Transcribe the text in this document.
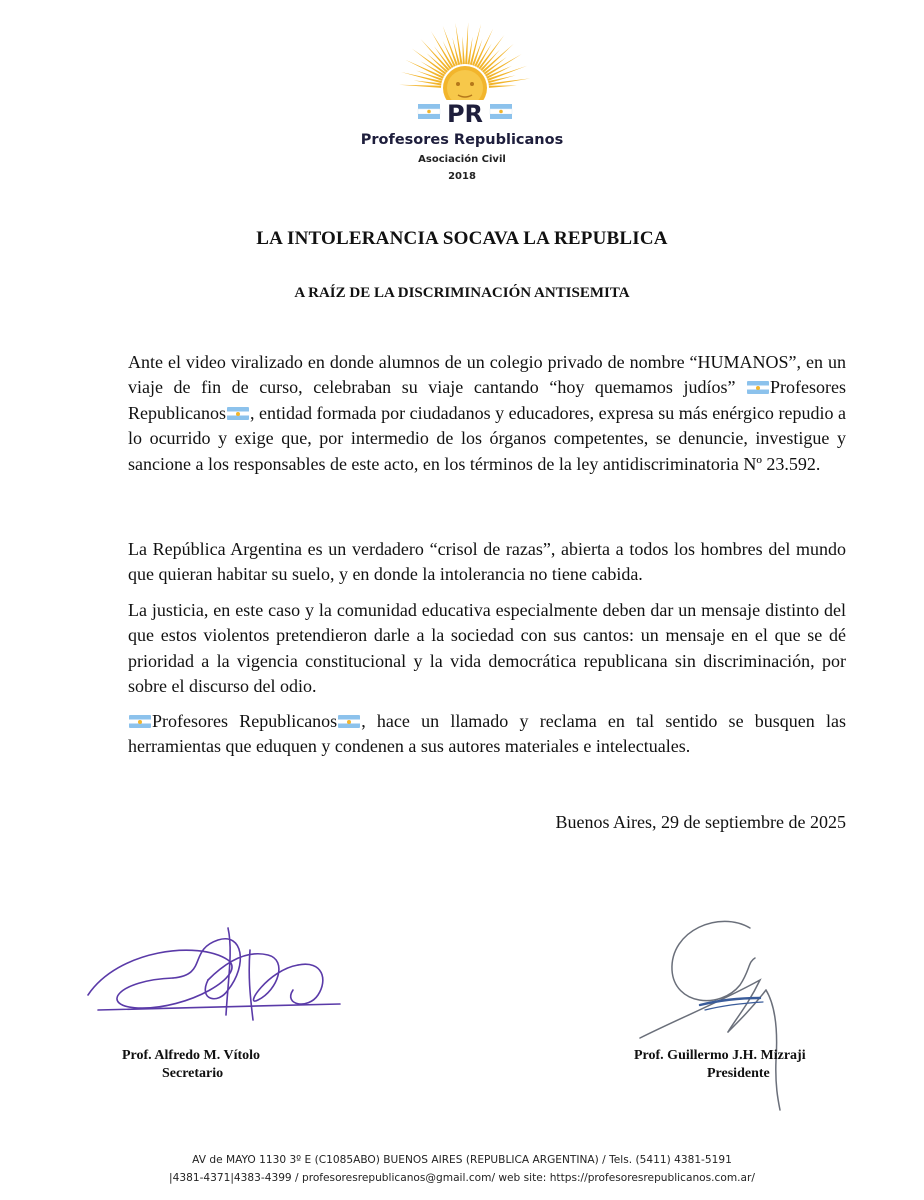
PR
Profesores Republicanos
Asociación Civil
2018
LA INTOLERANCIA SOCAVA LA REPUBLICA
A RAÍZ DE LA DISCRIMINACIÓN ANTISEMITA

Ante el video viralizado en donde alumnos de un colegio privado de nombre “HUMANOS”, en un viaje de fin de curso, celebraban su viaje cantando “hoy quemamos judíos” Profesores Republicanos , entidad formada por ciudadanos y educadores, expresa su más enérgico repudio a lo ocurrido y exige que, por intermedio de los órganos competentes, se denuncie, investigue y sancione a los responsables de este acto, en los términos de la ley antidiscriminatoria Nº 23.592.

La República Argentina es un verdadero “crisol de razas”, abierta a todos los hombres del mundo que quieran habitar su suelo, y en donde la intolerancia no tiene cabida.

La justicia, en este caso y la comunidad educativa especialmente deben dar un mensaje distinto del que estos violentos pretendieron darle a la sociedad con sus cantos: un mensaje en el que se dé prioridad a la vigencia constitucional y la vida democrática republicana sin discriminación, por sobre el discurso del odio.

Profesores Republicanos , hace un llamado y reclama en tal sentido se busquen las herramientas que eduquen y condenen a sus autores materiales e intelectuales.

Buenos Aires, 29 de septiembre de 2025
Prof. Alfredo M. Vítolo
Secretario
Prof. Guillermo J.H. Mizraji
Presidente
AV de MAYO 1130 3º E (C1085ABO) BUENOS AIRES (REPUBLICA ARGENTINA) / Tels. (5411) 4381-5191
|4381-4371|4383-4399 / profesoresrepublicanos@gmail.com/ web site: https://profesoresrepublicanos.com.ar/
